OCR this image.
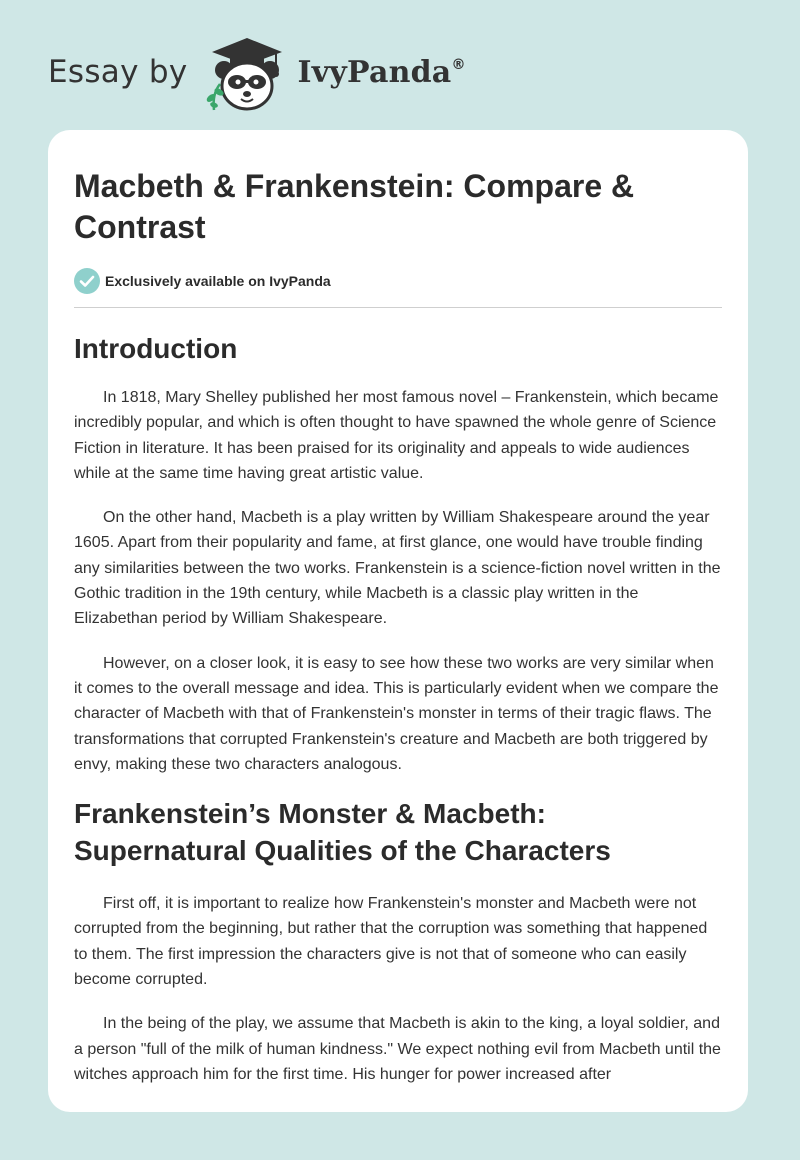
Essay by	IvyPanda®
Macbeth & Frankenstein: Compare & Contrast
Exclusively available on IvyPanda
Introduction

In 1818, Mary Shelley published her most famous novel – Frankenstein, which became incredibly popular, and which is often thought to have spawned the whole genre of Science Fiction in literature. It has been praised for its originality and appeals to wide audiences while at the same time having great artistic value.

On the other hand, Macbeth is a play written by William Shakespeare around the year 1605. Apart from their popularity and fame, at first glance, one would have trouble finding any similarities between the two works. Frankenstein is a science-fiction novel written in the Gothic tradition in the 19th century, while Macbeth is a classic play written in the Elizabethan period by William Shakespeare.

However, on a closer look, it is easy to see how these two works are very similar when it comes to the overall message and idea. This is particularly evident when we compare the character of Macbeth with that of Frankenstein's monster in terms of their tragic flaws. The transformations that corrupted Frankenstein's creature and Macbeth are both triggered by envy, making these two characters analogous.

Frankenstein’s Monster & Macbeth: Supernatural Qualities of the Characters

First off, it is important to realize how Frankenstein's monster and Macbeth were not corrupted from the beginning, but rather that the corruption was something that happened to them. The first impression the characters give is not that of someone who can easily become corrupted.

In the being of the play, we assume that Macbeth is akin to the king, a loyal soldier, and a person "full of the milk of human kindness." We expect nothing evil from Macbeth until the witches approach him for the first time. His hunger for power increased after
